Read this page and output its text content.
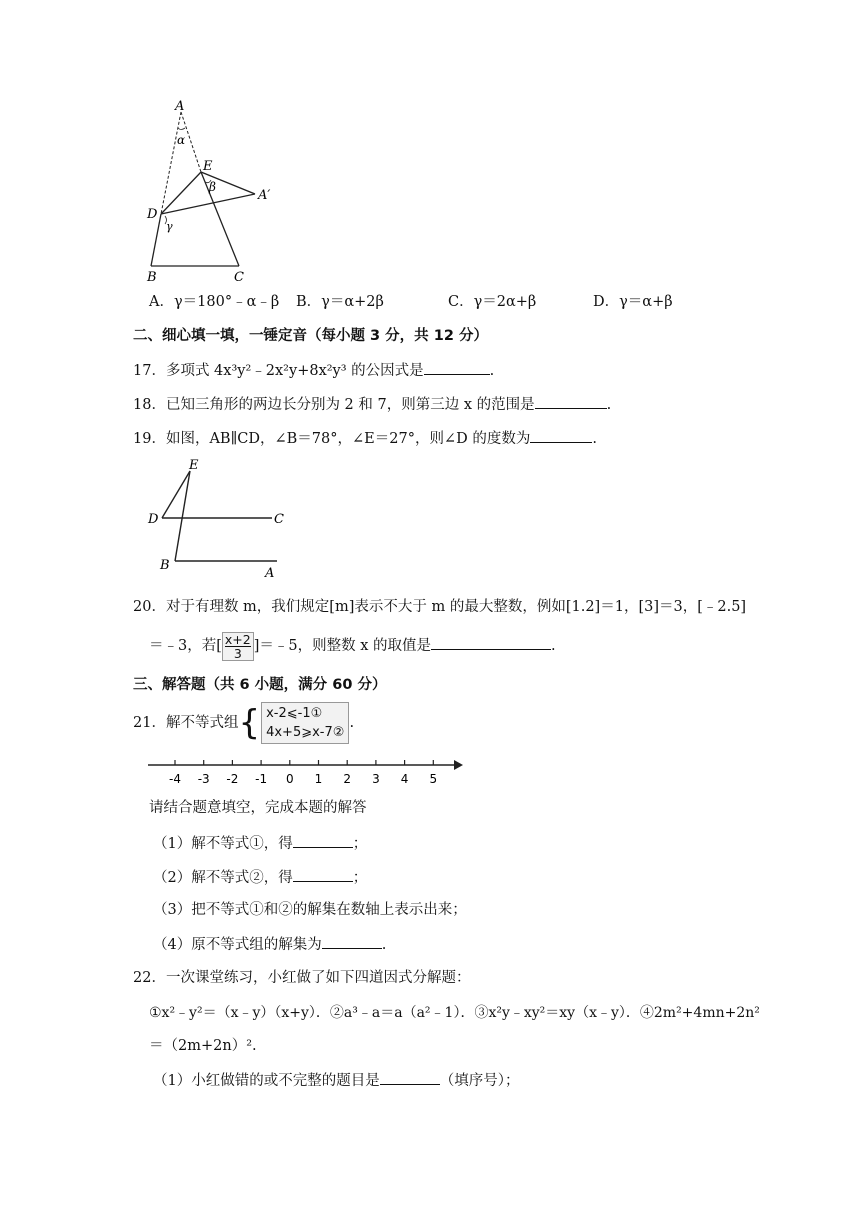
A
α
E
β
A′
D
γ
B	C
A．γ＝180°﹣α﹣β B．γ＝α+2β	C．γ＝2α+β	D．γ＝α+β
二、细心填一填，一锤定音（每小题 3 分，共 12 分）
17．多项式 4x³y²﹣2x²y+8x²y³ 的公因式是	.
18．已知三角形的两边长分别为 2 和 7，则第三边 x 的范围是	.
19．如图，AB∥CD，∠B＝78°，∠E＝27°，则∠D 的度数为	.
E
D	C
B
A
20．对于有理数 m，我们规定[m]表示不大于 m 的最大整数，例如[1.2]＝1，[3]＝3，[﹣2.5]
＝﹣3，若[ $\frac{x+2}{3}$ ]＝﹣5，则整数 x 的取值是	.
三、解答题（共 6 小题，满分 60 分）
21．解不等式组{ x-2⩽-1①
4x+5⩾x-7②
.
-4 -3 -2 -1 0 1 2 3 4 5
请结合题意填空，完成本题的解答
（1）解不等式①，得	；
（2）解不等式②，得	；
（3）把不等式①和②的解集在数轴上表示出来；
（4）原不等式组的解集为	.
22．一次课堂练习，小红做了如下四道因式分解题：
①x²﹣y²＝（x﹣y）（x+y）．②a³﹣a＝a（a²﹣1）．③x²y﹣xy²＝xy（x﹣y）．④2m²+4mn+2n²
＝（2m+2n）².
（1）小红做错的或不完整的题目是	（填序号）；
